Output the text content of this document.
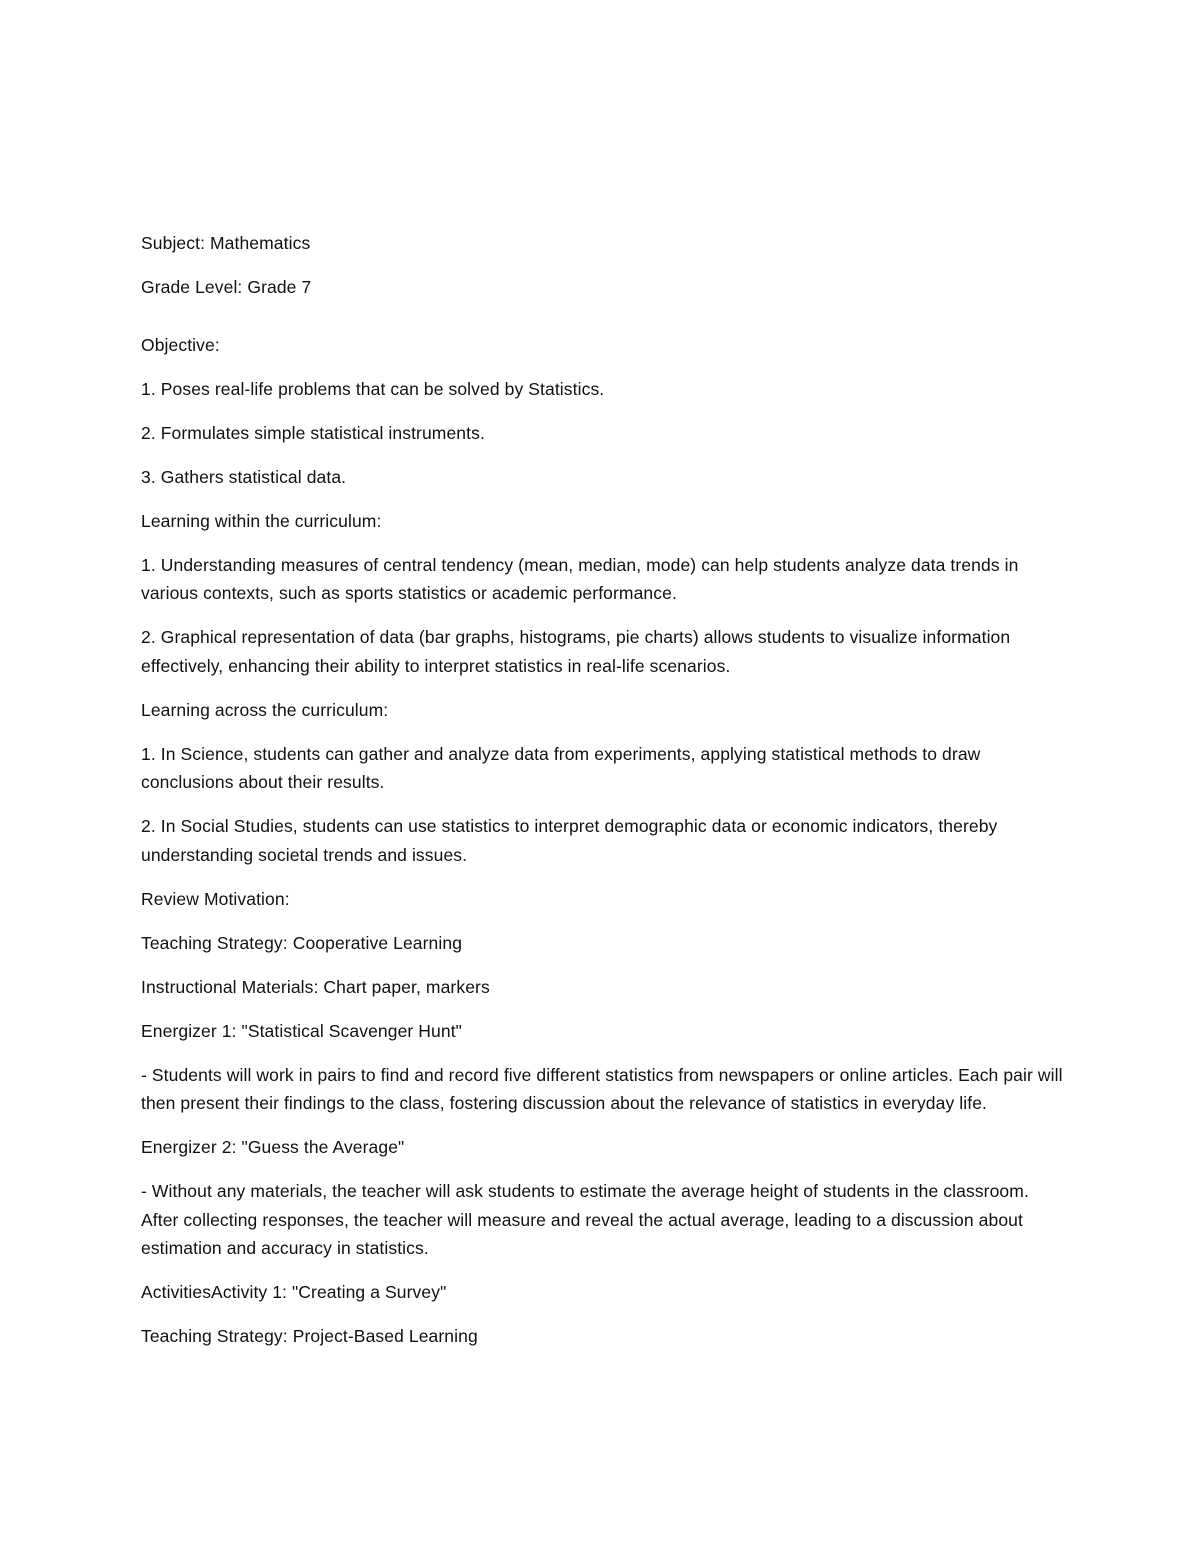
Subject: Mathematics

Grade Level: Grade 7

Objective:

1. Poses real-life problems that can be solved by Statistics.

2. Formulates simple statistical instruments.

3. Gathers statistical data.

Learning within the curriculum:

1. Understanding measures of central tendency (mean, median, mode) can help students analyze data trends in various contexts, such as sports statistics or academic performance.

2. Graphical representation of data (bar graphs, histograms, pie charts) allows students to visualize information effectively, enhancing their ability to interpret statistics in real-life scenarios.

Learning across the curriculum:

1. In Science, students can gather and analyze data from experiments, applying statistical methods to draw conclusions about their results.

2. In Social Studies, students can use statistics to interpret demographic data or economic indicators, thereby understanding societal trends and issues.

Review Motivation:

Teaching Strategy: Cooperative Learning

Instructional Materials: Chart paper, markers

Energizer 1: "Statistical Scavenger Hunt"

- Students will work in pairs to find and record five different statistics from newspapers or online articles. Each pair will then present their findings to the class, fostering discussion about the relevance of statistics in everyday life.

Energizer 2: "Guess the Average"

- Without any materials, the teacher will ask students to estimate the average height of students in the classroom. After collecting responses, the teacher will measure and reveal the actual average, leading to a discussion about estimation and accuracy in statistics.

ActivitiesActivity 1: "Creating a Survey"

Teaching Strategy: Project-Based Learning
